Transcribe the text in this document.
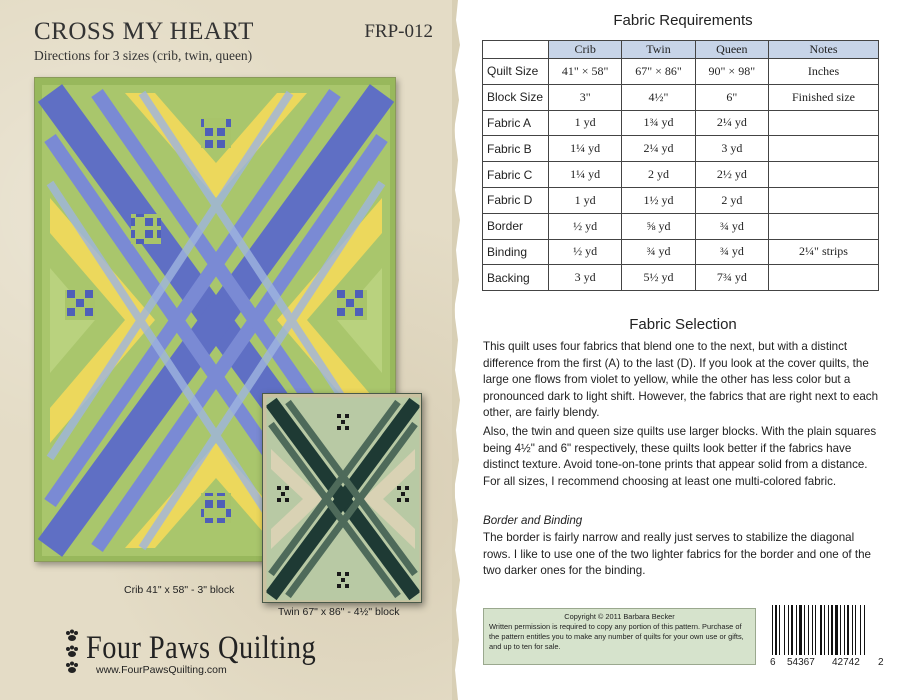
CROSS MY HEART	FRP-012
Directions for 3 sizes (crib, twin, queen)
Crib 41" x 58" - 3" block
Twin 67" x 86" - 4½" block
Four Paws Quilting
www.FourPawsQuilting.com
Fabric Requirements
	Crib	Twin	Queen	Notes
Quilt Size	41" × 58"	67" × 86"	90" × 98"	Inches
Block Size	3"	4½"	6"	Finished size
Fabric A	1 yd	1¾ yd	2¼ yd	
Fabric B	1¼ yd	2¼ yd	3 yd	
Fabric C	1¼ yd	2 yd	2½ yd	
Fabric D	1 yd	1½ yd	2 yd	
Border	½ yd	⅝ yd	¾ yd	
Binding	½ yd	¾ yd	¾ yd	2¼" strips
Backing	3 yd	5½ yd	7¾ yd	
Fabric Selection

This quilt uses four fabrics that blend one to the next, but with a distinct difference from the first (A) to the last (D). If you look at the cover quilts, the large one flows from violet to yellow, while the other has less color but a pronounced dark to light shift. However, the fabrics that are right next to each other, are fairly blendy.

Also, the twin and queen size quilts use larger blocks. With the plain squares being 4½" and 6" respectively, these quilts look better if the fabrics have distinct texture. Avoid tone-on-tone prints that appear solid from a distance. For all sizes, I recommend choosing at least one multi-colored fabric.

Border and Binding

The border is fairly narrow and really just serves to stabilize the diagonal rows. I like to use one of the two lighter fabrics for the border and one of the two darker ones for the binding.

Copyright © 2011 Barbara Becker
Written permission is required to copy any portion of this pattern. Purchase of the pattern entitles you to make any number of quilts for your own use or gifts, and up to ten for sale.
6 54367 42742 2
